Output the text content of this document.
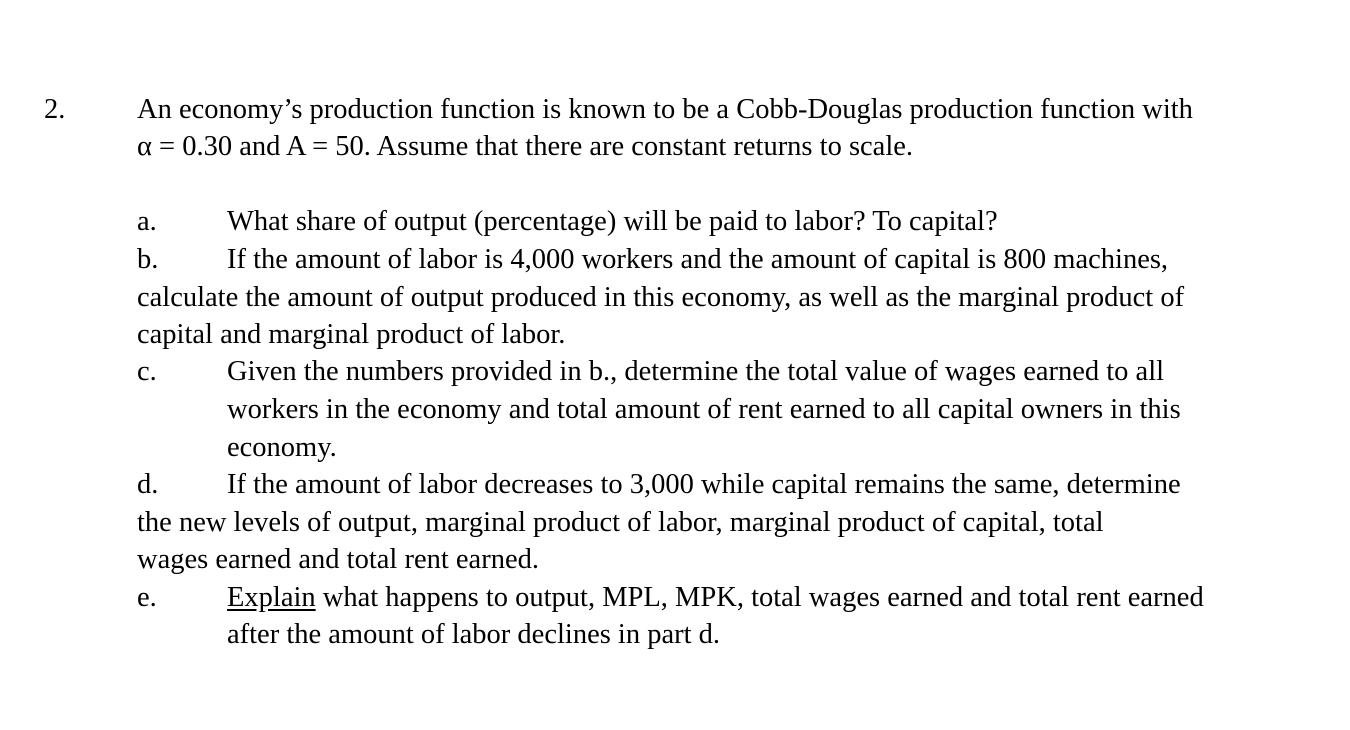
2.	An economy’s production function is known to be a Cobb-Douglas production function with
α = 0.30 and A = 50. Assume that there are constant returns to scale.
a. What share of output (percentage) will be paid to labor? To capital?
b. If the amount of labor is 4,000 workers and the amount of capital is 800 machines,
calculate the amount of output produced in this economy, as well as the marginal product of
capital and marginal product of labor.
c. Given the numbers provided in b., determine the total value of wages earned to all
workers in the economy and total amount of rent earned to all capital owners in this
economy.
d. If the amount of labor decreases to 3,000 while capital remains the same, determine
the new levels of output, marginal product of labor, marginal product of capital, total
wages earned and total rent earned.
e. Explain what happens to output, MPL, MPK, total wages earned and total rent earned
after the amount of labor declines in part d.
